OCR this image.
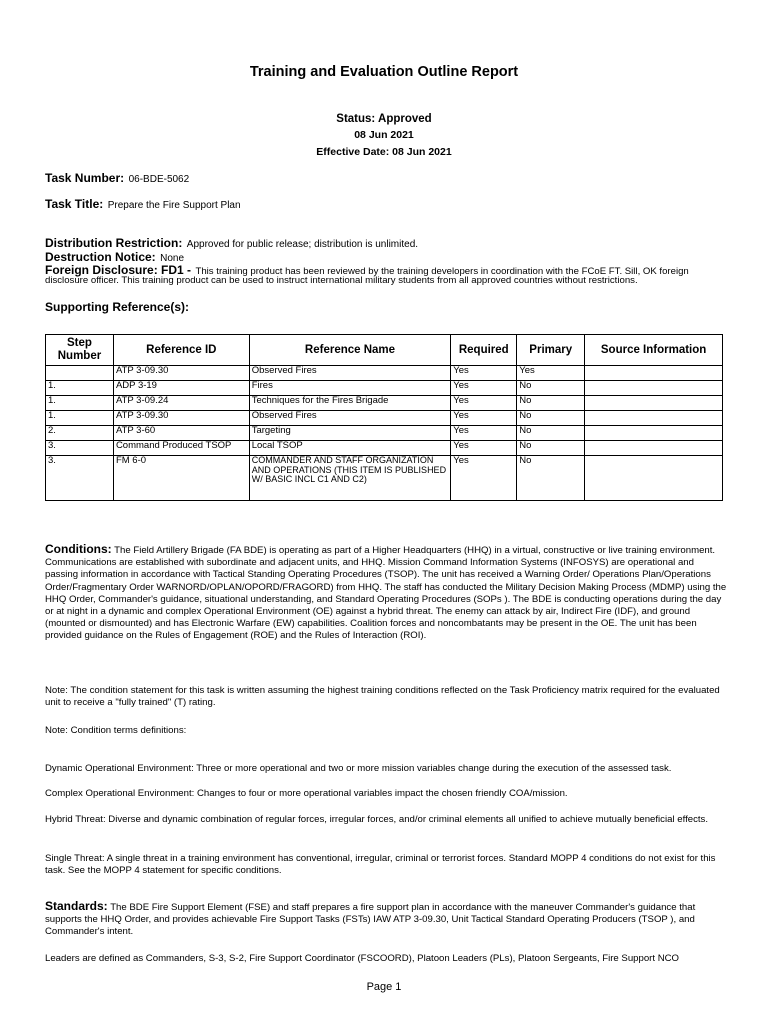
Training and Evaluation Outline Report
Status: Approved
08 Jun 2021
Effective Date: 08 Jun 2021
Task Number: 06-BDE-5062
Task Title: Prepare the Fire Support Plan
Distribution Restriction: Approved for public release; distribution is unlimited.
Destruction Notice: None
Foreign Disclosure: FD1 - This training product has been reviewed by the training developers in coordination with the FCoE FT. Sill, OK foreign
disclosure officer. This training product can be used to instruct international military students from all approved countries without restrictions.
Supporting Reference(s):
Step Number	Reference ID	Reference Name	Required	Primary	Source Information
	ATP 3-09.30	Observed Fires	Yes	Yes	
1.	ADP 3-19	Fires	Yes	No	
1.	ATP 3-09.24	Techniques for the Fires Brigade	Yes	No	
1.	ATP 3-09.30	Observed Fires	Yes	No	
2.	ATP 3-60	Targeting	Yes	No	
3.	Command Produced TSOP	Local TSOP	Yes	No	
3.	FM 6-0	COMMANDER AND STAFF ORGANIZATION AND OPERATIONS (THIS ITEM IS PUBLISHED W/ BASIC INCL C1 AND C2)	Yes	No	
Conditions: The Field Artillery Brigade (FA BDE) is operating as part of a Higher Headquarters (HHQ) in a virtual, constructive or live training environment. Communications are established with subordinate and adjacent units, and HHQ. Mission Command Information Systems (INFOSYS) are operational and passing information in accordance with Tactical Standing Operating Procedures (TSOP). The unit has received a Warning Order/ Operations Plan/Operations Order/Fragmentary Order WARNORD/OPLAN/OPORD/FRAGORD) from HHQ. The staff has conducted the Military Decision Making Process (MDMP) using the HHQ Order, Commander's guidance, situational understanding, and Standard Operating Procedures (SOPs ). The BDE is conducting operations during the day or at night in a dynamic and complex Operational Environment (OE) against a hybrid threat. The enemy can attack by air, Indirect Fire (IDF), and ground (mounted or dismounted) and has Electronic Warfare (EW) capabilities. Coalition forces and noncombatants may be present in the OE. The unit has been provided guidance on the Rules of Engagement (ROE) and the Rules of Interaction (ROI).
Note: The condition statement for this task is written assuming the highest training conditions reflected on the Task Proficiency matrix required for the evaluated unit to receive a "fully trained" (T) rating.
Note: Condition terms definitions:
Dynamic Operational Environment: Three or more operational and two or more mission variables change during the execution of the assessed task.
Complex Operational Environment: Changes to four or more operational variables impact the chosen friendly COA/mission.
Hybrid Threat: Diverse and dynamic combination of regular forces, irregular forces, and/or criminal elements all unified to achieve mutually beneficial effects.
Single Threat: A single threat in a training environment has conventional, irregular, criminal or terrorist forces. Standard MOPP 4 conditions do not exist for this task. See the MOPP 4 statement for specific conditions.
Standards: The BDE Fire Support Element (FSE) and staff prepares a fire support plan in accordance with the maneuver Commander's guidance that supports the HHQ Order, and provides achievable Fire Support Tasks (FSTs) IAW ATP 3-09.30, Unit Tactical Standard Operating Producers (TSOP ), and Commander's intent.
Leaders are defined as Commanders, S-3, S-2, Fire Support Coordinator (FSCOORD), Platoon Leaders (PLs), Platoon Sergeants, Fire Support NCO
Page 1
